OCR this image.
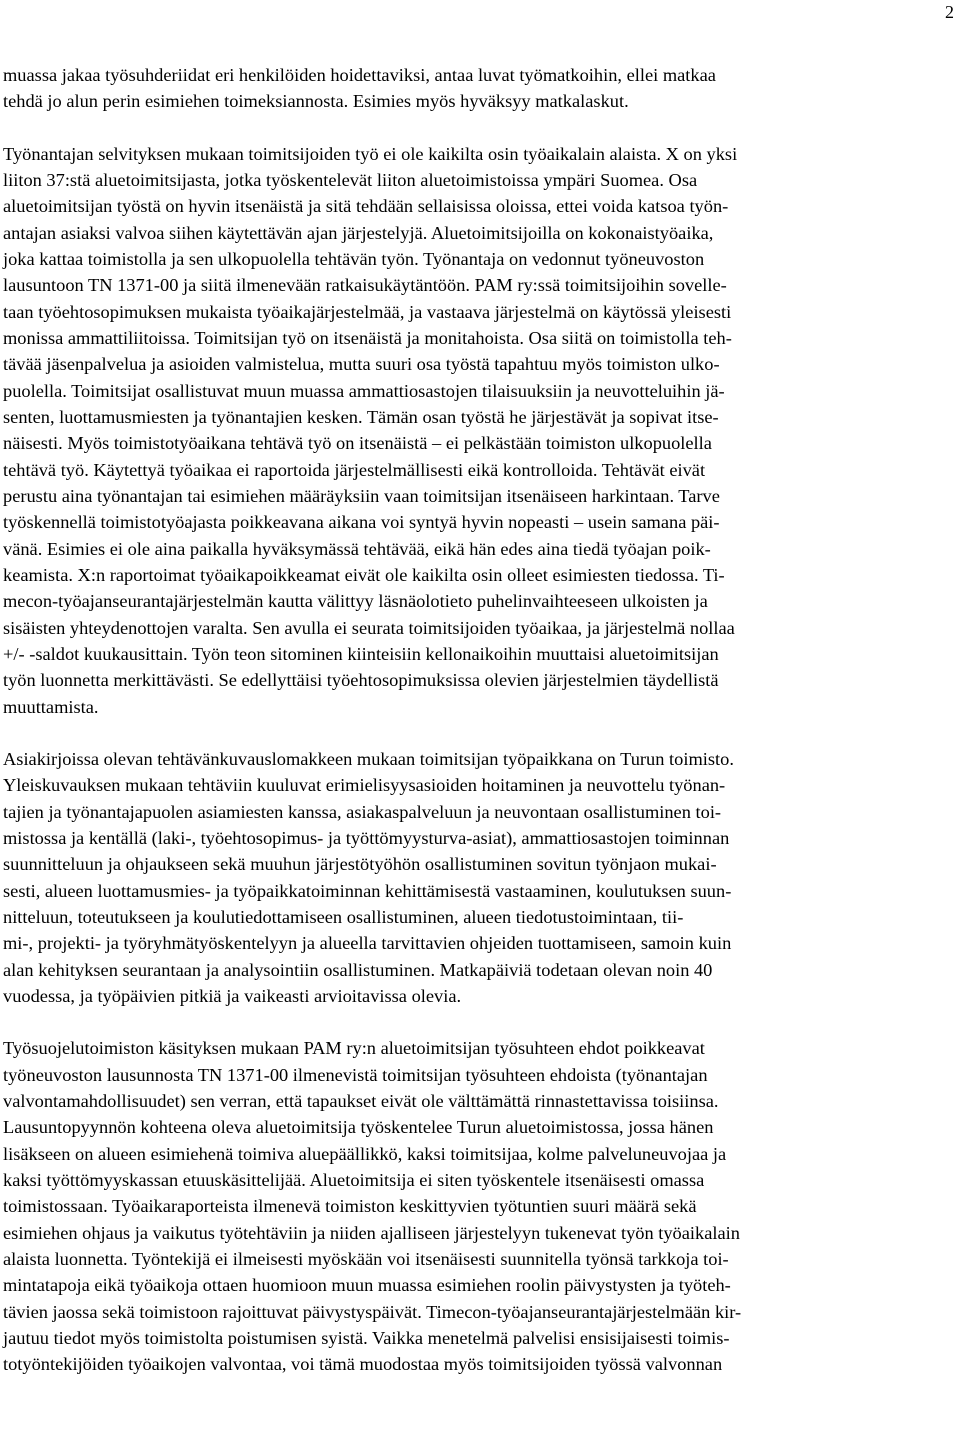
2
muassa jakaa työsuhderiidat eri henkilöiden hoidettaviksi, antaa luvat työmatkoihin, ellei matkaa
tehdä jo alun perin esimiehen toimeksiannosta. Esimies myös hyväksyy matkalaskut.
Työnantajan selvityksen mukaan toimitsijoiden työ ei ole kaikilta osin työaikalain alaista. X on yksi
liiton 37:stä aluetoimitsijasta, jotka työskentelevät liiton aluetoimistoissa ympäri Suomea. Osa
aluetoimitsijan työstä on hyvin itsenäistä ja sitä tehdään sellaisissa oloissa, ettei voida katsoa työn-
antajan asiaksi valvoa siihen käytettävän ajan järjestelyjä. Aluetoimitsijoilla on kokonaistyöaika,
joka kattaa toimistolla ja sen ulkopuolella tehtävän työn. Työnantaja on vedonnut työneuvoston
lausuntoon TN 1371-00 ja siitä ilmenevään ratkaisukäytäntöön. PAM ry:ssä toimitsijoihin sovelle-
taan työehtosopimuksen mukaista työaikajärjestelmää, ja vastaava järjestelmä on käytössä yleisesti
monissa ammattiliitoissa. Toimitsijan työ on itsenäistä ja monitahoista. Osa siitä on toimistolla teh-
tävää jäsenpalvelua ja asioiden valmistelua, mutta suuri osa työstä tapahtuu myös toimiston ulko-
puolella. Toimitsijat osallistuvat muun muassa ammattiosastojen tilaisuuksiin ja neuvotteluihin jä-
senten, luottamusmiesten ja työnantajien kesken. Tämän osan työstä he järjestävät ja sopivat itse-
näisesti. Myös toimistotyöaikana tehtävä työ on itsenäistä – ei pelkästään toimiston ulkopuolella
tehtävä työ. Käytettyä työaikaa ei raportoida järjestelmällisesti eikä kontrolloida. Tehtävät eivät
perustu aina työnantajan tai esimiehen määräyksiin vaan toimitsijan itsenäiseen harkintaan. Tarve
työskennellä toimistotyöajasta poikkeavana aikana voi syntyä hyvin nopeasti – usein samana päi-
vänä. Esimies ei ole aina paikalla hyväksymässä tehtävää, eikä hän edes aina tiedä työajan poik-
keamista. X:n raportoimat työaikapoikkeamat eivät ole kaikilta osin olleet esimiesten tiedossa. Ti-
mecon-työajanseurantajärjestelmän kautta välittyy läsnäolotieto puhelinvaihteeseen ulkoisten ja
sisäisten yhteydenottojen varalta. Sen avulla ei seurata toimitsijoiden työaikaa, ja järjestelmä nollaa
+/- -saldot kuukausittain. Työn teon sitominen kiinteisiin kellonaikoihin muuttaisi aluetoimitsijan
työn luonnetta merkittävästi. Se edellyttäisi työehtosopimuksissa olevien järjestelmien täydellistä
muuttamista.
Asiakirjoissa olevan tehtävänkuvauslomakkeen mukaan toimitsijan työpaikkana on Turun toimisto.
Yleiskuvauksen mukaan tehtäviin kuuluvat erimielisyysasioiden hoitaminen ja neuvottelu työnan-
tajien ja työnantajapuolen asiamiesten kanssa, asiakaspalveluun ja neuvontaan osallistuminen toi-
mistossa ja kentällä (laki-, työehtosopimus- ja työttömyysturva-asiat), ammattiosastojen toiminnan
suunnitteluun ja ohjaukseen sekä muuhun järjestötyöhön osallistuminen sovitun työnjaon mukai-
sesti, alueen luottamusmies- ja työpaikkatoiminnan kehittämisestä vastaaminen, koulutuksen suun-
nitteluun, toteutukseen ja koulutiedottamiseen osallistuminen, alueen tiedotustoimintaan, tii-
mi-, projekti- ja työryhmätyöskentelyyn ja alueella tarvittavien ohjeiden tuottamiseen, samoin kuin
alan kehityksen seurantaan ja analysointiin osallistuminen. Matkapäiviä todetaan olevan noin 40
vuodessa, ja työpäivien pitkiä ja vaikeasti arvioitavissa olevia.
Työsuojelutoimiston käsityksen mukaan PAM ry:n aluetoimitsijan työsuhteen ehdot poikkeavat
työneuvoston lausunnosta TN 1371-00 ilmenevistä toimitsijan työsuhteen ehdoista (työnantajan
valvontamahdollisuudet) sen verran, että tapaukset eivät ole välttämättä rinnastettavissa toisiinsa.
Lausuntopyynnön kohteena oleva aluetoimitsija työskentelee Turun aluetoimistossa, jossa hänen
lisäkseen on alueen esimiehenä toimiva aluepäällikkö, kaksi toimitsijaa, kolme palveluneuvojaa ja
kaksi työttömyyskassan etuuskäsittelijää. Aluetoimitsija ei siten työskentele itsenäisesti omassa
toimistossaan. Työaikaraporteista ilmenevä toimiston keskittyvien työtuntien suuri määrä sekä
esimiehen ohjaus ja vaikutus työtehtäviin ja niiden ajalliseen järjestelyyn tukenevat työn työaikalain
alaista luonnetta. Työntekijä ei ilmeisesti myöskään voi itsenäisesti suunnitella työnsä tarkkoja toi-
mintatapoja eikä työaikoja ottaen huomioon muun muassa esimiehen roolin päivystysten ja työteh-
tävien jaossa sekä toimistoon rajoittuvat päivystyspäivät. Timecon-työajanseurantajärjestelmään kir-
jautuu tiedot myös toimistolta poistumisen syistä. Vaikka menetelmä palvelisi ensisijaisesti toimis-
totyöntekijöiden työaikojen valvontaa, voi tämä muodostaa myös toimitsijoiden työssä valvonnan
